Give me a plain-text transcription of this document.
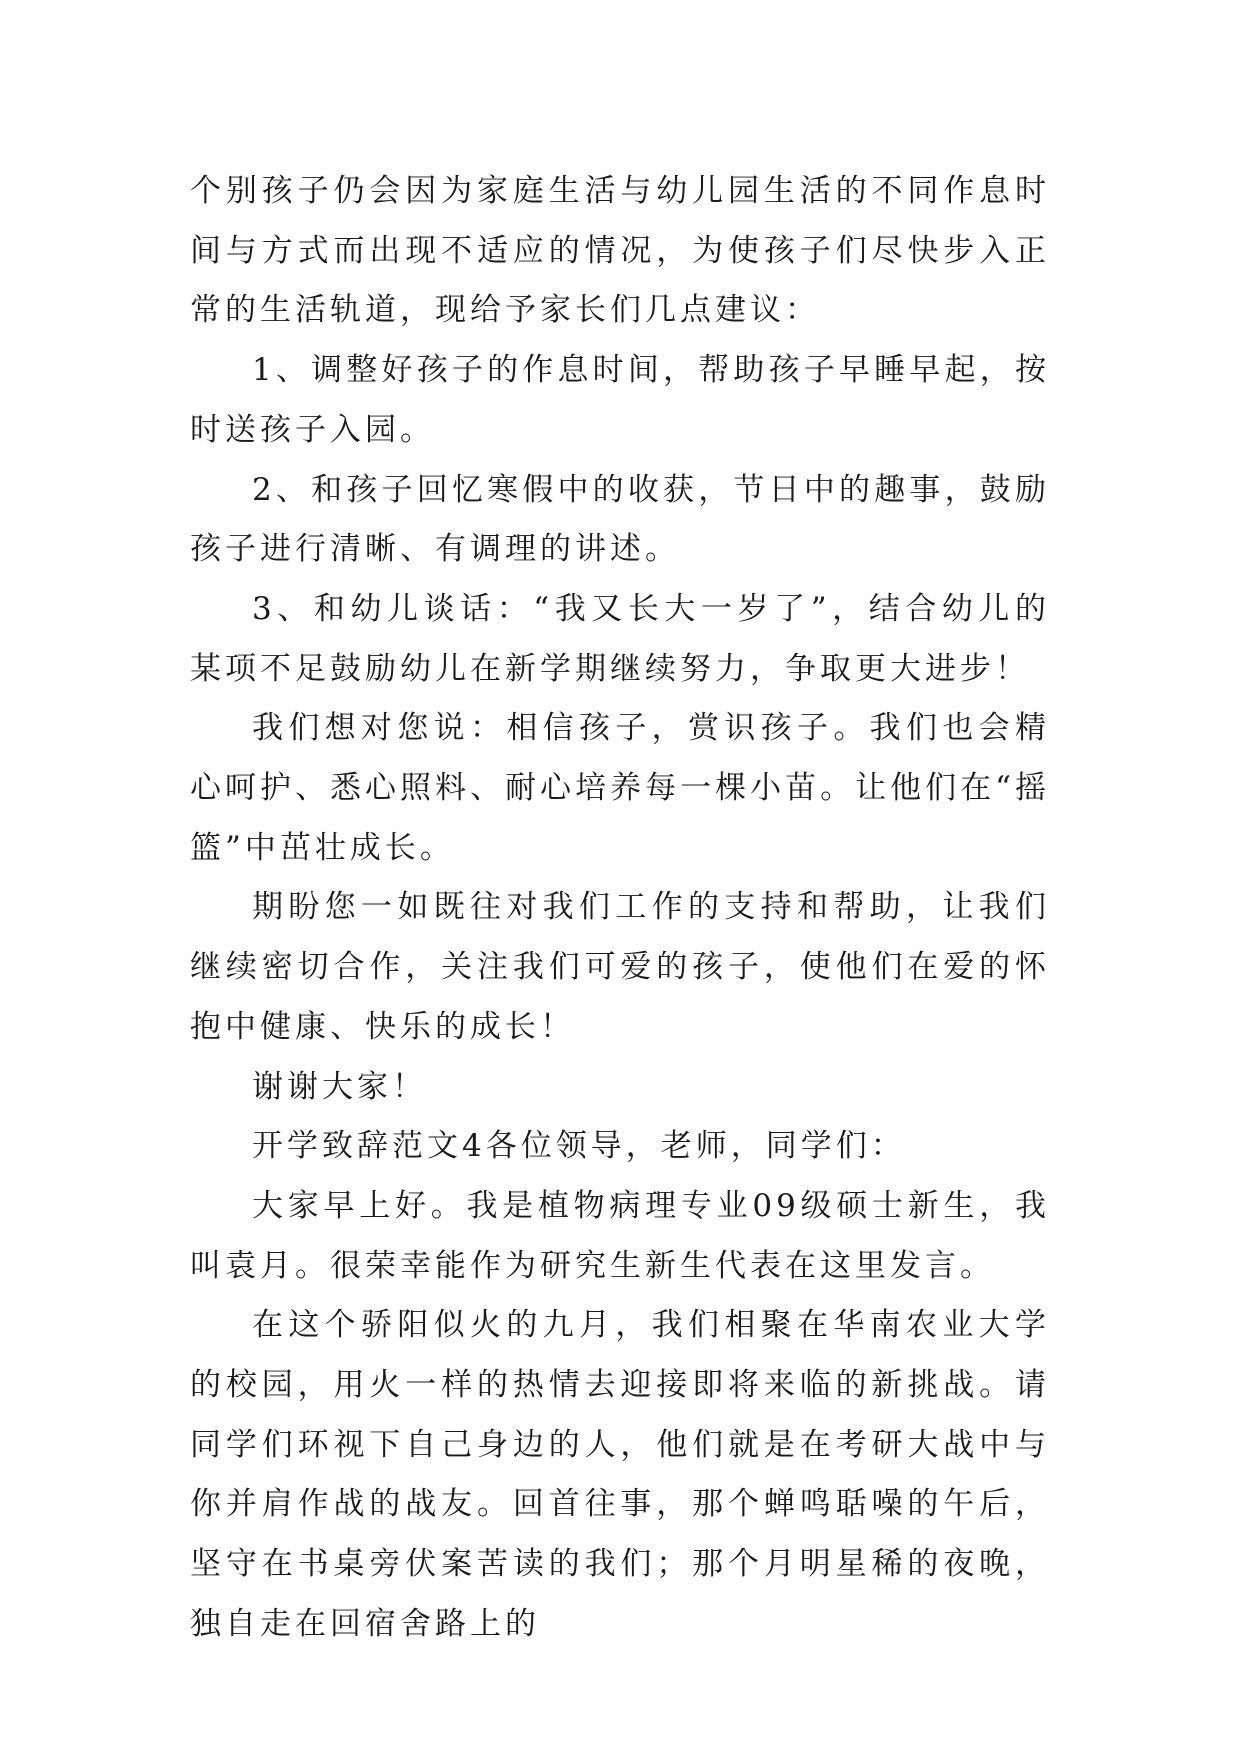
个别孩子仍会因为家庭生活与幼儿园生活的不同作息时间与方式而出现不适应的情况，为使孩子们尽快步入正常的生活轨道，现给予家长们几点建议：

1、调整好孩子的作息时间，帮助孩子早睡早起，按时送孩子入园。

2、和孩子回忆寒假中的收获，节日中的趣事，鼓励孩子进行清晰、有调理的讲述。

3、和幼儿谈话：“我又长大一岁了”，结合幼儿的某项不足鼓励幼儿在新学期继续努力，争取更大进步！

我们想对您说：相信孩子，赏识孩子。我们也会精心呵护、悉心照料、耐心培养每一棵小苗。让他们在“摇篮”中茁壮成长。

期盼您一如既往对我们工作的支持和帮助，让我们继续密切合作，关注我们可爱的孩子，使他们在爱的怀抱中健康、快乐的成长！

谢谢大家！

开学致辞范文4各位领导，老师，同学们：

大家早上好。我是植物病理专业09级硕士新生，我叫袁月。很荣幸能作为研究生新生代表在这里发言。

在这个骄阳似火的九月，我们相聚在华南农业大学的校园，用火一样的热情去迎接即将来临的新挑战。请同学们环视下自己身边的人，他们就是在考研大战中与你并肩作战的战友。回首往事，那个蝉鸣聒噪的午后，坚守在书桌旁伏案苦读的我们；那个月明星稀的夜晚，独自走在回宿舍路上的
